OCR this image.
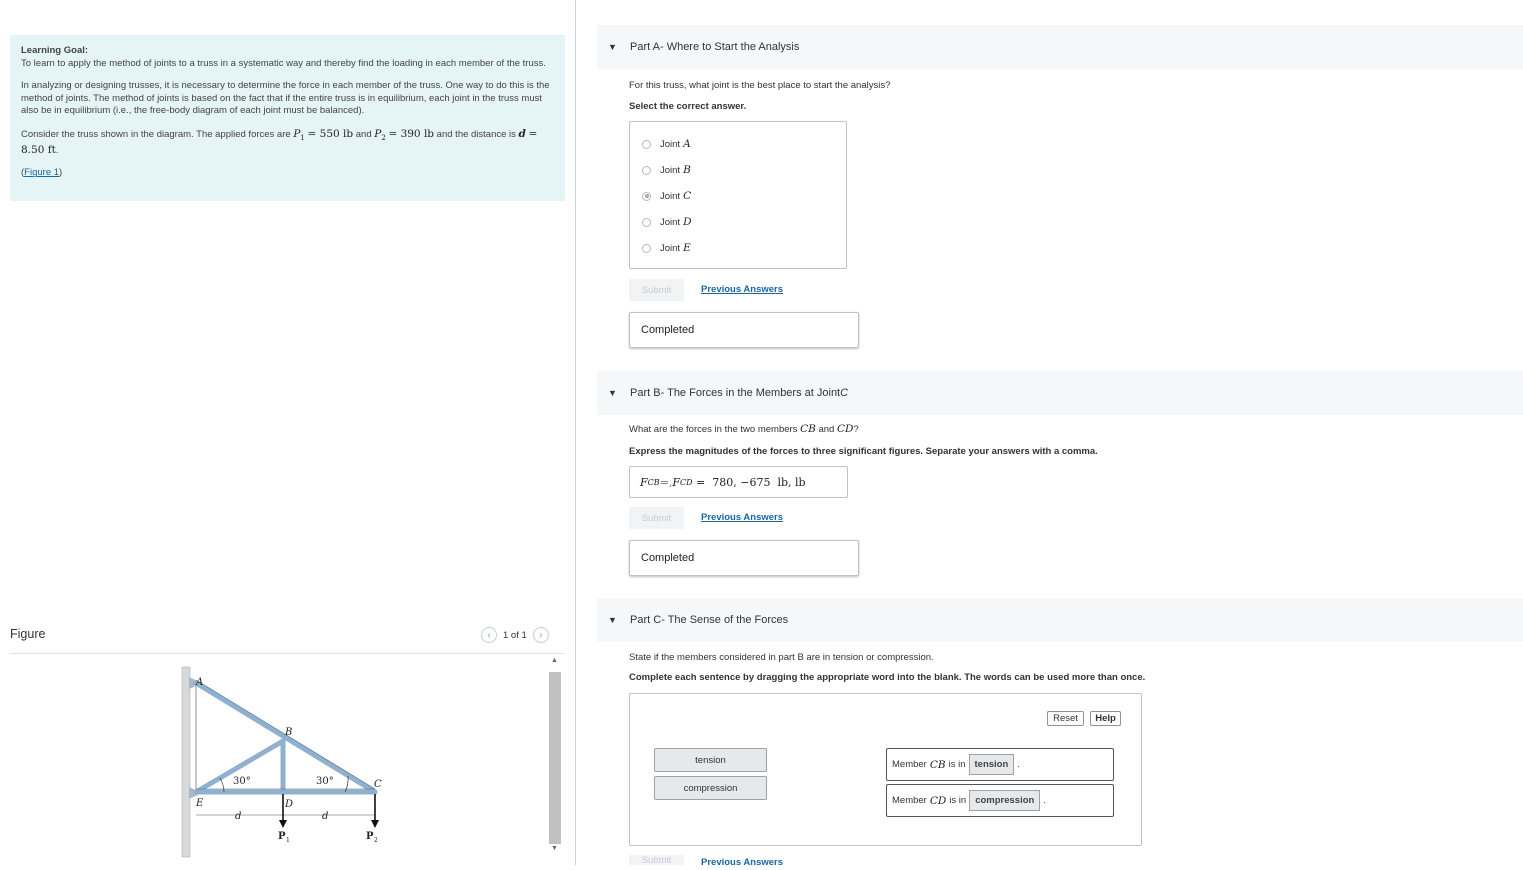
Learning Goal:
To learn to apply the method of joints to a truss in a systematic way and thereby find the loading in each member of the truss.

In analyzing or designing trusses, it is necessary to determine the force in each member of the truss. One way to do this is the method of joints. The method of joints is based on the fact that if the entire truss is in equilibrium, each joint in the truss must also be in equilibrium (i.e., the free-body diagram of each joint must be balanced).

Consider the truss shown in the diagram. The applied forces are $P_1 = 550$ lb and $P_2 = 390$ lb and the distance is d = 8.50 ft.

(Figure 1)

Figure	‹	1 of 1	›
A
B
C
D
E
d	d
30°	30°
P 1	P 2
▲
▼
▼ Part A - Where to Start the Analysis
For this truss, what joint is the best place to start the analysis?
Select the correct answer.
Joint A
Joint B
Joint C
Joint D
Joint E
Submit	Previous Answers
Completed
▼ Part B - The Forces in the Members at Joint C
What are the forces in the two members CB and CD?
Express the magnitudes of the forces to three significant figures. Separate your answers with a comma.
F CB =, F CD =  780, −675  lb, lb
Submit	Previous Answers
Completed
▼ Part C - The Sense of the Forces
State if the members considered in part B are in tension or compression.
Complete each sentence by dragging the appropriate word into the blank. The words can be used more than once.
Reset	Help
tension
compression
Member CB is in tension .
Member CD is in compression .
Submit	Previous Answers
